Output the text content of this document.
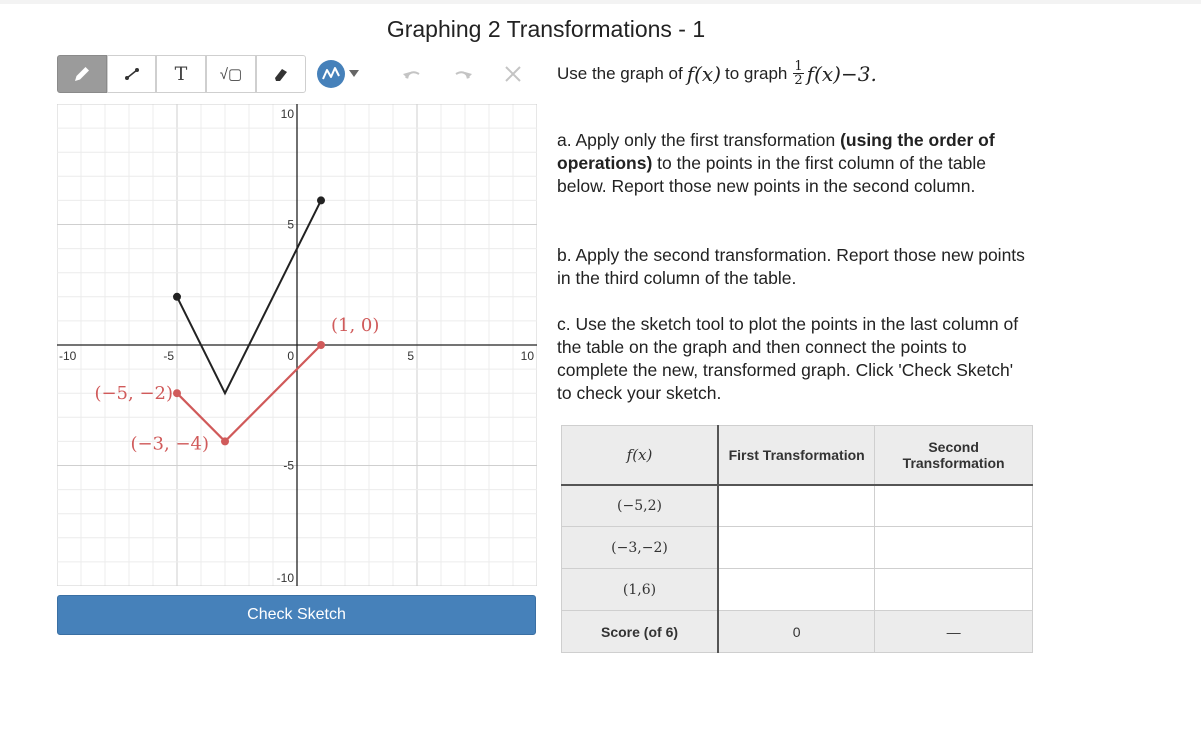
Graphing 2 Transformations - 1
T √▢
-10	-5	0	5	10
10
5
-5
-10
(−5, −2)
(−3, −4)
(1, 0)
Check Sketch
Use the graph of f(x) to graph $\frac{1}{2} f(x)-3$.
a. Apply only the first transformation (using the order of operations) to the points in the first column of the table below. Report those new points in the second column.
b. Apply the second transformation. Report those new points in the third column of the table.
c. Use the sketch tool to plot the points in the last column of the table on the graph and then connect the points to complete the new, transformed graph. Click 'Check Sketch' to check your sketch.
f(x)	First Transformation	Second Transformation
(−5,2)		
(−3,−2)		
(1,6)		
Score (of 6)	0	—
